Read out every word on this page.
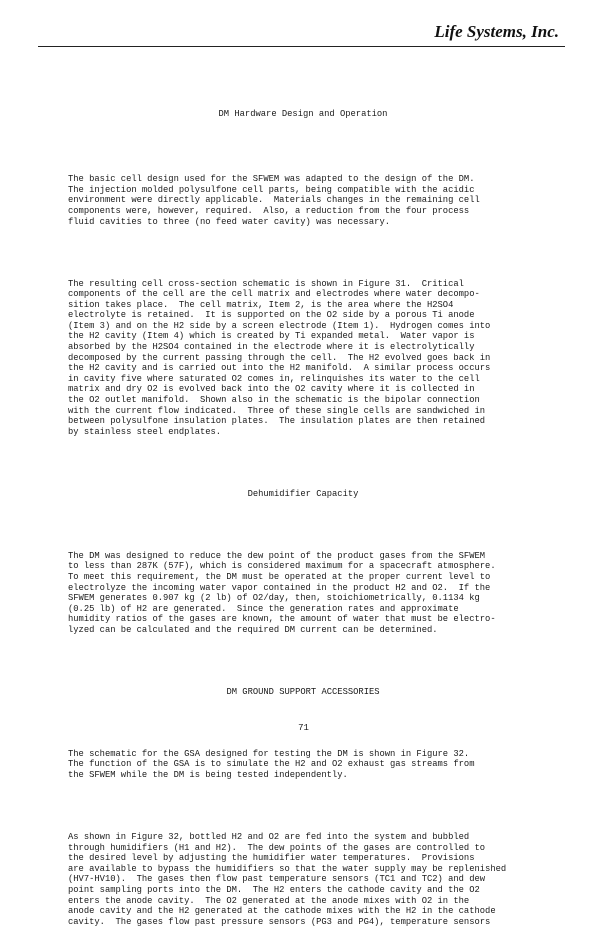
Life Systems, Inc.

DM Hardware Design and Operation

The basic cell design used for the SFWEM was adapted to the design of the DM.
The injection molded polysulfone cell parts, being compatible with the acidic
environment were directly applicable.  Materials changes in the remaining cell
components were, however, required.  Also, a reduction from the four process
fluid cavities to three (no feed water cavity) was necessary.

The resulting cell cross-section schematic is shown in Figure 31.  Critical
components of the cell are the cell matrix and electrodes where water decompo-
sition takes place.  The cell matrix, Item 2, is the area where the H2SO4
electrolyte is retained.  It is supported on the O2 side by a porous Ti anode
(Item 3) and on the H2 side by a screen electrode (Item 1).  Hydrogen comes into
the H2 cavity (Item 4) which is created by Ti expanded metal.  Water vapor is
absorbed by the H2SO4 contained in the electrode where it is electrolytically
decomposed by the current passing through the cell.  The H2 evolved goes back in
the H2 cavity and is carried out into the H2 manifold.  A similar process occurs
in cavity five where saturated O2 comes in, relinquishes its water to the cell
matrix and dry O2 is evolved back into the O2 cavity where it is collected in
the O2 outlet manifold.  Shown also in the schematic is the bipolar connection
with the current flow indicated.  Three of these single cells are sandwiched in
between polysulfone insulation plates.  The insulation plates are then retained
by stainless steel endplates.

Dehumidifier Capacity

The DM was designed to reduce the dew point of the product gases from the SFWEM
to less than 287K (57F), which is considered maximum for a spacecraft atmosphere.
To meet this requirement, the DM must be operated at the proper current level to
electrolyze the incoming water vapor contained in the product H2 and O2.  If the
SFWEM generates 0.907 kg (2 lb) of O2/day, then, stoichiometrically, 0.1134 kg
(0.25 lb) of H2 are generated.  Since the generation rates and approximate
humidity ratios of the gases are known, the amount of water that must be electro-
lyzed can be calculated and the required DM current can be determined.

DM GROUND SUPPORT ACCESSORIES

The schematic for the GSA designed for testing the DM is shown in Figure 32.
The function of the GSA is to simulate the H2 and O2 exhaust gas streams from
the SFWEM while the DM is being tested independently.

As shown in Figure 32, bottled H2 and O2 are fed into the system and bubbled
through humidifiers (H1 and H2).  The dew points of the gases are controlled to
the desired level by adjusting the humidifier water temperatures.  Provisions
are available to bypass the humidifiers so that the water supply may be replenished
(HV7-HV10).  The gases then flow past temperature sensors (TC1 and TC2) and dew
point sampling ports into the DM.  The H2 enters the cathode cavity and the O2
enters the anode cavity.  The O2 generated at the anode mixes with O2 in the
anode cavity and the H2 generated at the cathode mixes with the H2 in the cathode
cavity.  The gases flow past pressure sensors (PG3 and PG4), temperature sensors

71
